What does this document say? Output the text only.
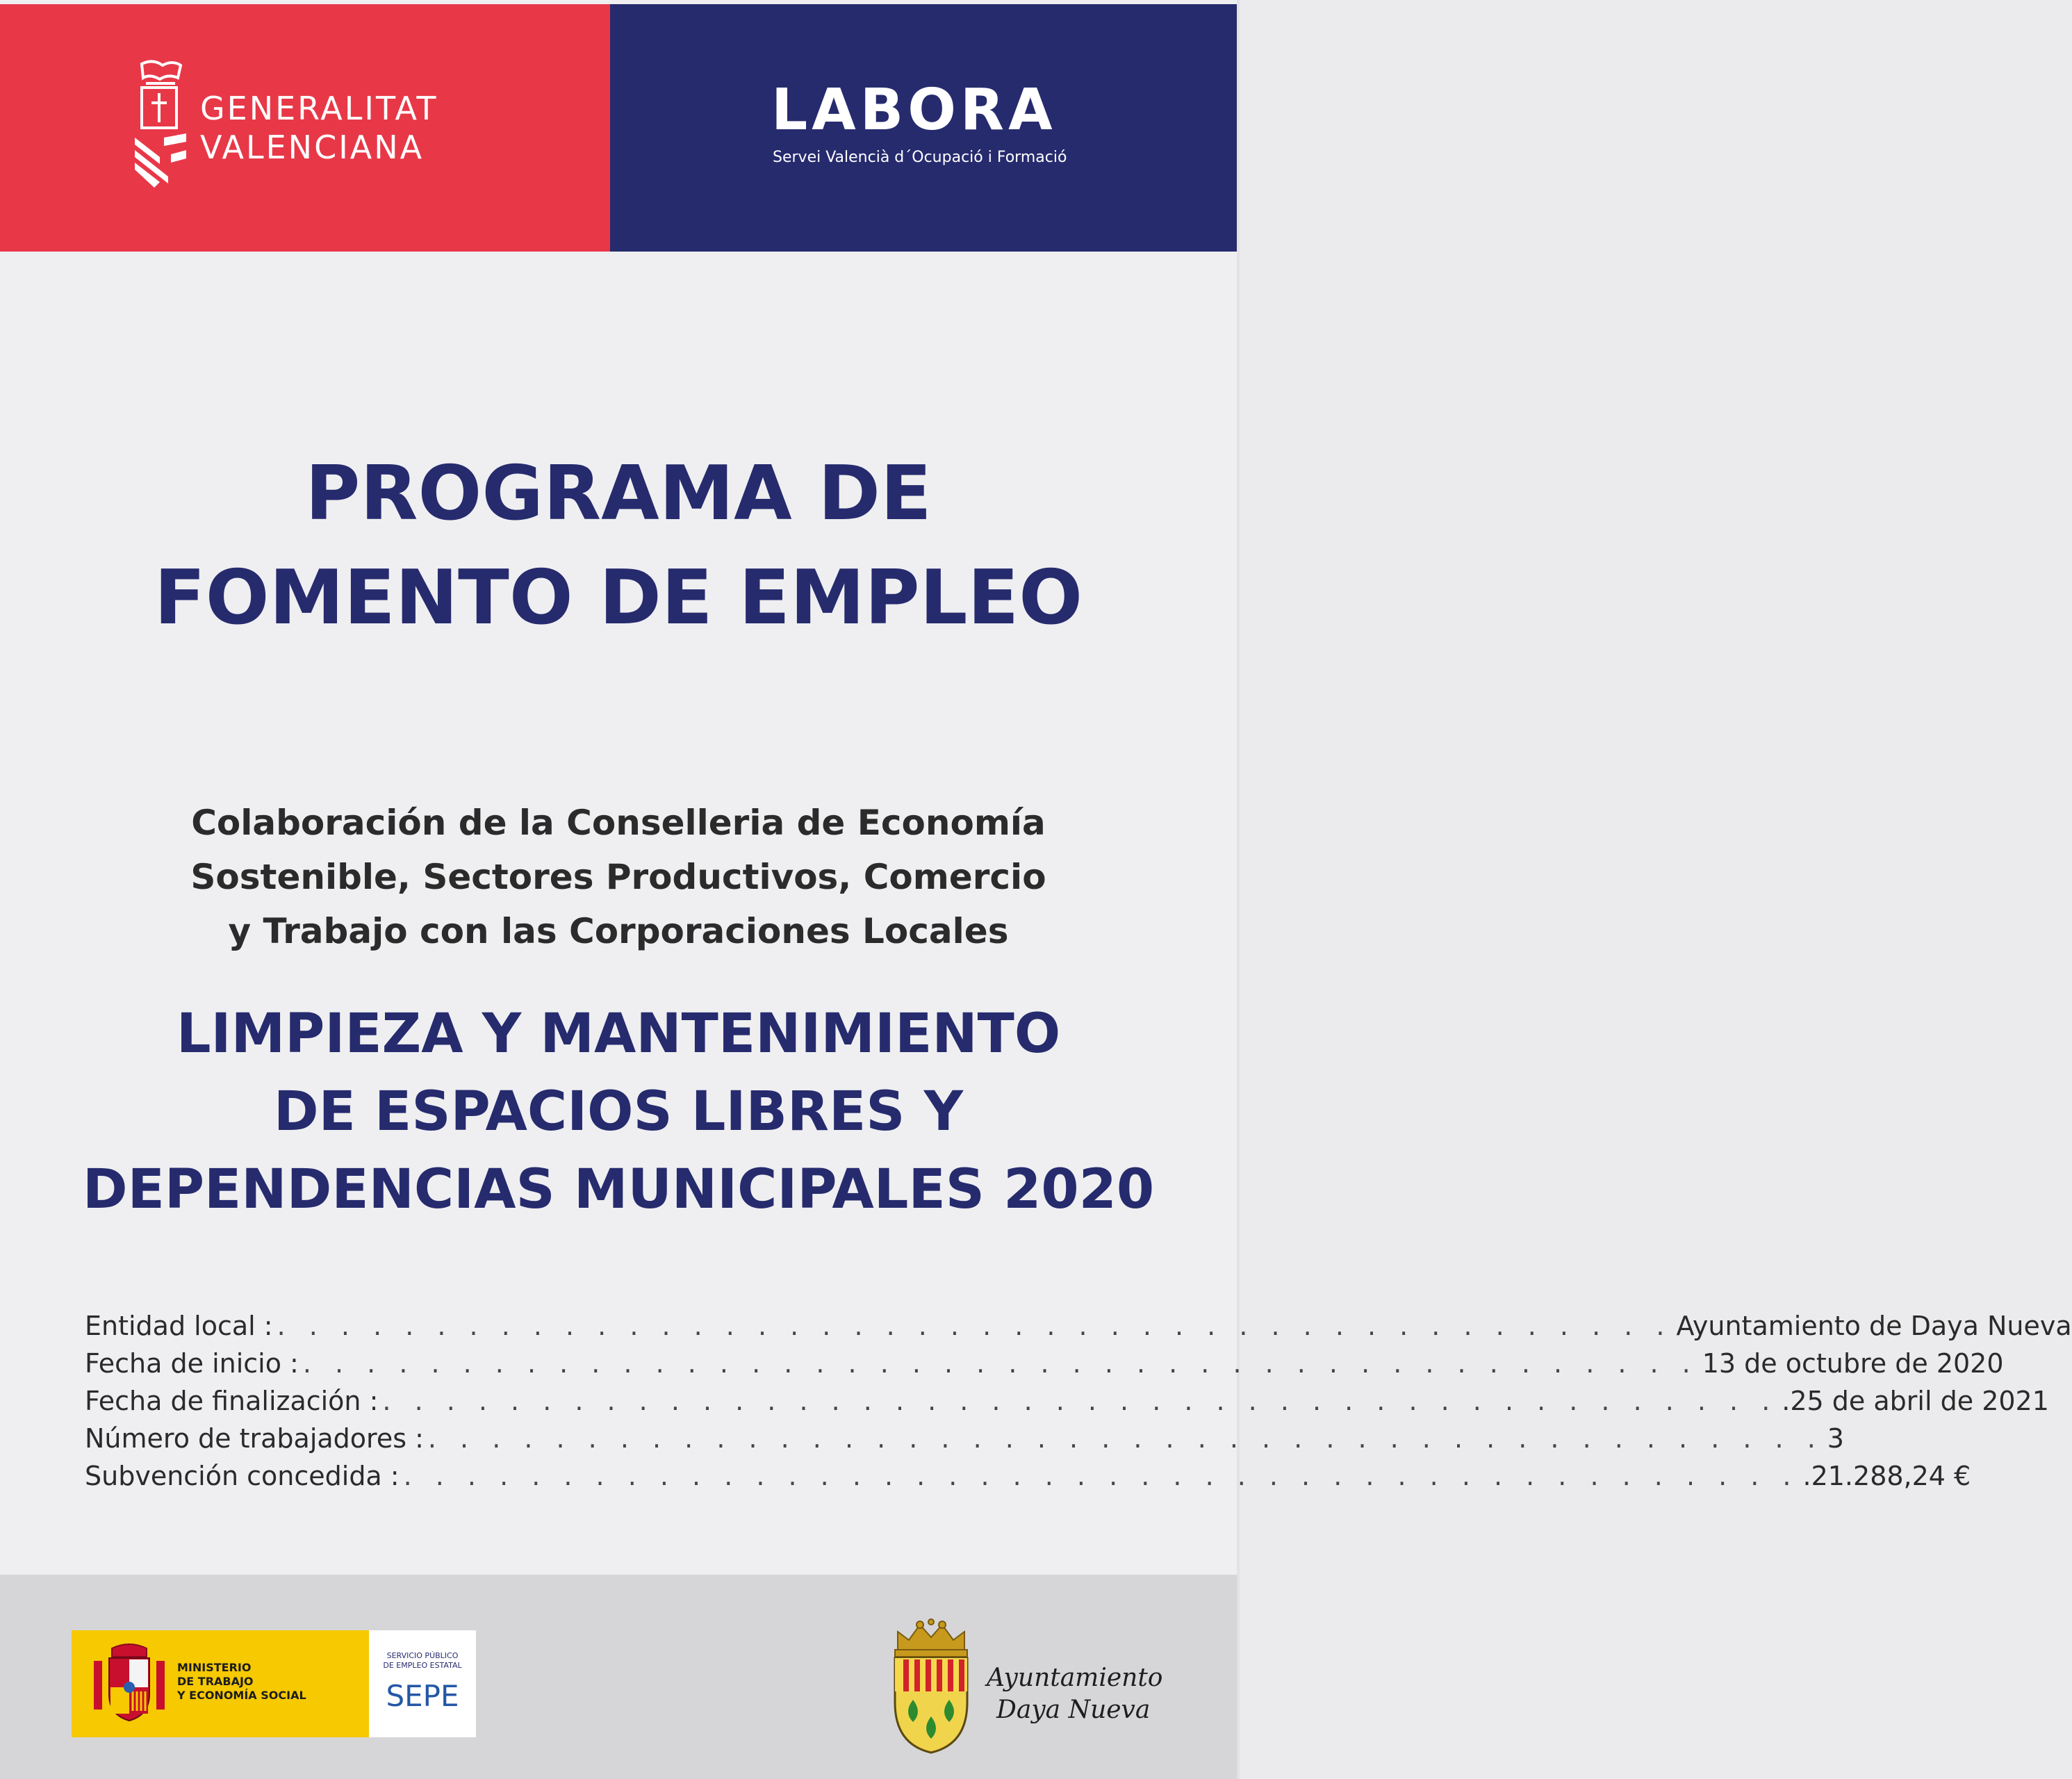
GENERALITAT
VALENCIANA
LABORA
Servei Valencià d´Ocupació i Formació
PROGRAMA DE
FOMENTO DE EMPLEO
Colaboración de la Conselleria de Economía
Sostenible, Sectores Productivos, Comercio
y Trabajo con las Corporaciones Locales
LIMPIEZA Y MANTENIMIENTO
DE ESPACIOS LIBRES Y
DEPENDENCIAS MUNICIPALES 2020
Entidad local : . . . . . . . . . . . . . . . . . . . . . . . . . . . . . . . . . . . . . . . . . . . . Ayuntamiento de Daya Nueva
Fecha de inicio : . . . . . . . . . . . . . . . . . . . . . . . . . . . . . . . . . . . . . . . . . . . . 13 de octubre de 2020
Fecha de finalización : . . . . . . . . . . . . . . . . . . . . . . . . . . . . . . . . . . . . . . . . . . . . .25 de abril de 2021
Número de trabajadores : . . . . . . . . . . . . . . . . . . . . . . . . . . . . . . . . . . . . . . . . . . . . 3
Subvención concedida : . . . . . . . . . . . . . . . . . . . . . . . . . . . . . . . . . . . . . . . . . . . . .21.288,24 €
MINISTERIO
DE TRABAJO
Y ECONOMÍA SOCIAL
SERVICIO PÚBLICO
DE EMPLEO ESTATAL
SEPE
Ayuntamiento
Daya Nueva
